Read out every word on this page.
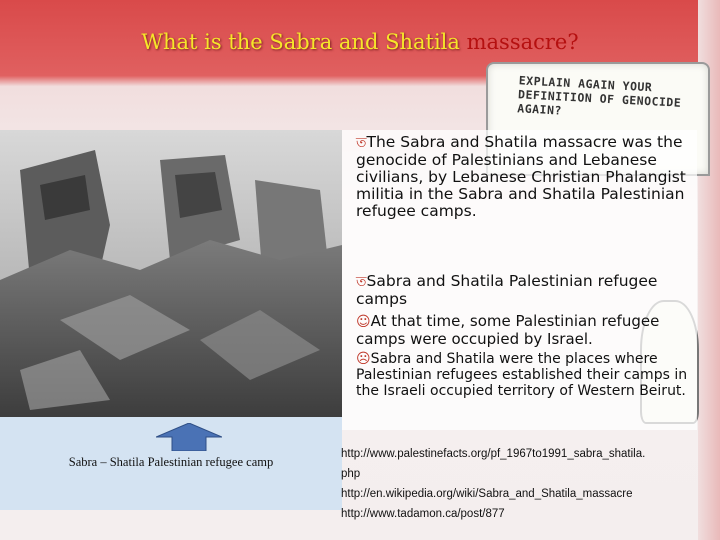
What is the Sabra and Shatila massacre?
EXPLAIN AGAIN YOUR DEFINITION OF GENOCIDE AGAIN?
Sabra – Shatila Palestinian refugee camp
তThe Sabra and Shatila massacre was the genocide of Palestinians and Lebanese civilians, by Lebanese Christian Phalangist militia in the Sabra and Shatila Palestinian refugee camps.
তSabra and Shatila Palestinian refugee camps
☺At that time, some Palestinian refugee camps were occupied by Israel.
☹Sabra and Shatila were the places where Palestinian refugees established their camps in the Israeli occupied territory of Western Beirut.
http://www.palestinefacts.org/pf_1967to1991_sabra_shatila.
php
http://en.wikipedia.org/wiki/Sabra_and_Shatila_massacre
http://www.tadamon.ca/post/877
